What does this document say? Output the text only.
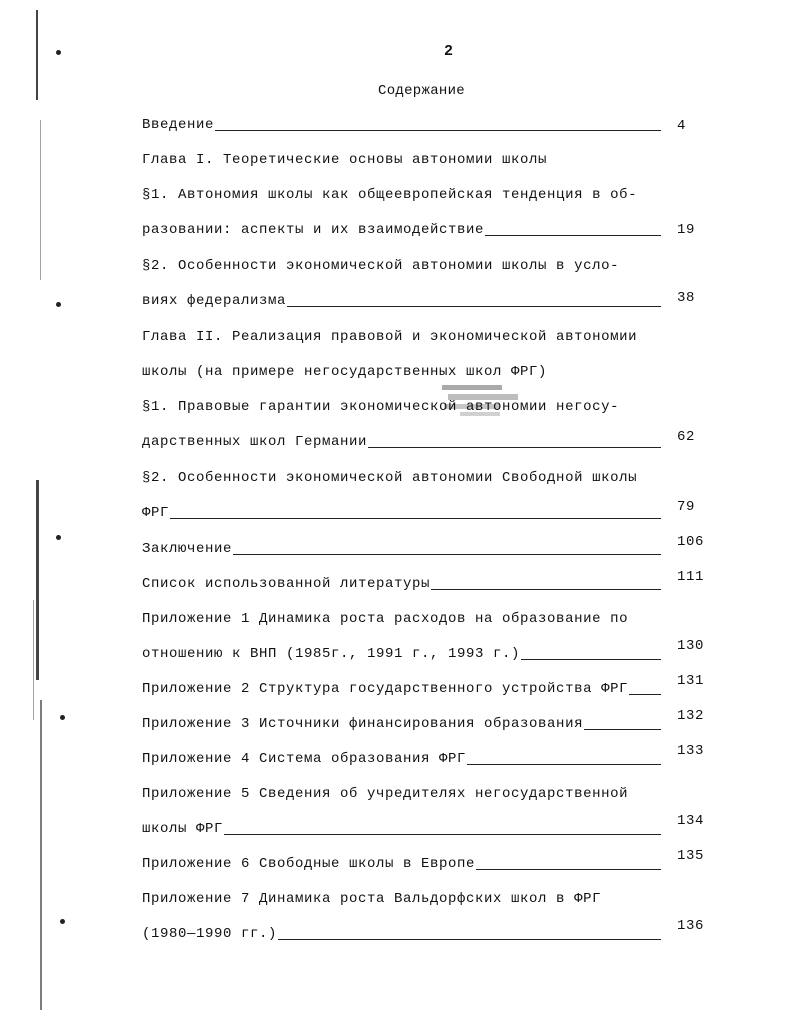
2
Содержание
Введение	4
Глава I. Теоретические основы автономии школы
§1. Автономия школы как общеевропейская тенденция в об-
разовании: аспекты и их взаимодействие	19
§2. Особенности экономической автономии школы в усло-
виях федерализма	38
Глава II. Реализация правовой и экономической автономии
школы (на примере негосударственных школ ФРГ)
§1. Правовые гарантии экономической автономии негосу-
дарственных школ Германии	62
§2. Особенности экономической автономии Свободной школы
ФРГ	79
Заключение	106
Список использованной литературы	111
Приложение 1 Динамика роста расходов на образование по
отношению к ВНП (1985г., 1991 г., 1993 г.)	130
Приложение 2 Структура государственного устройства ФРГ	131
Приложение 3 Источники финансирования образования	132
Приложение 4 Система образования ФРГ	133
Приложение 5 Сведения об учредителях негосударственной
школы ФРГ	134
Приложение 6 Свободные школы в Европе	135
Приложение 7 Динамика роста Вальдорфских школ в ФРГ
(1980—1990 гг.)	136
